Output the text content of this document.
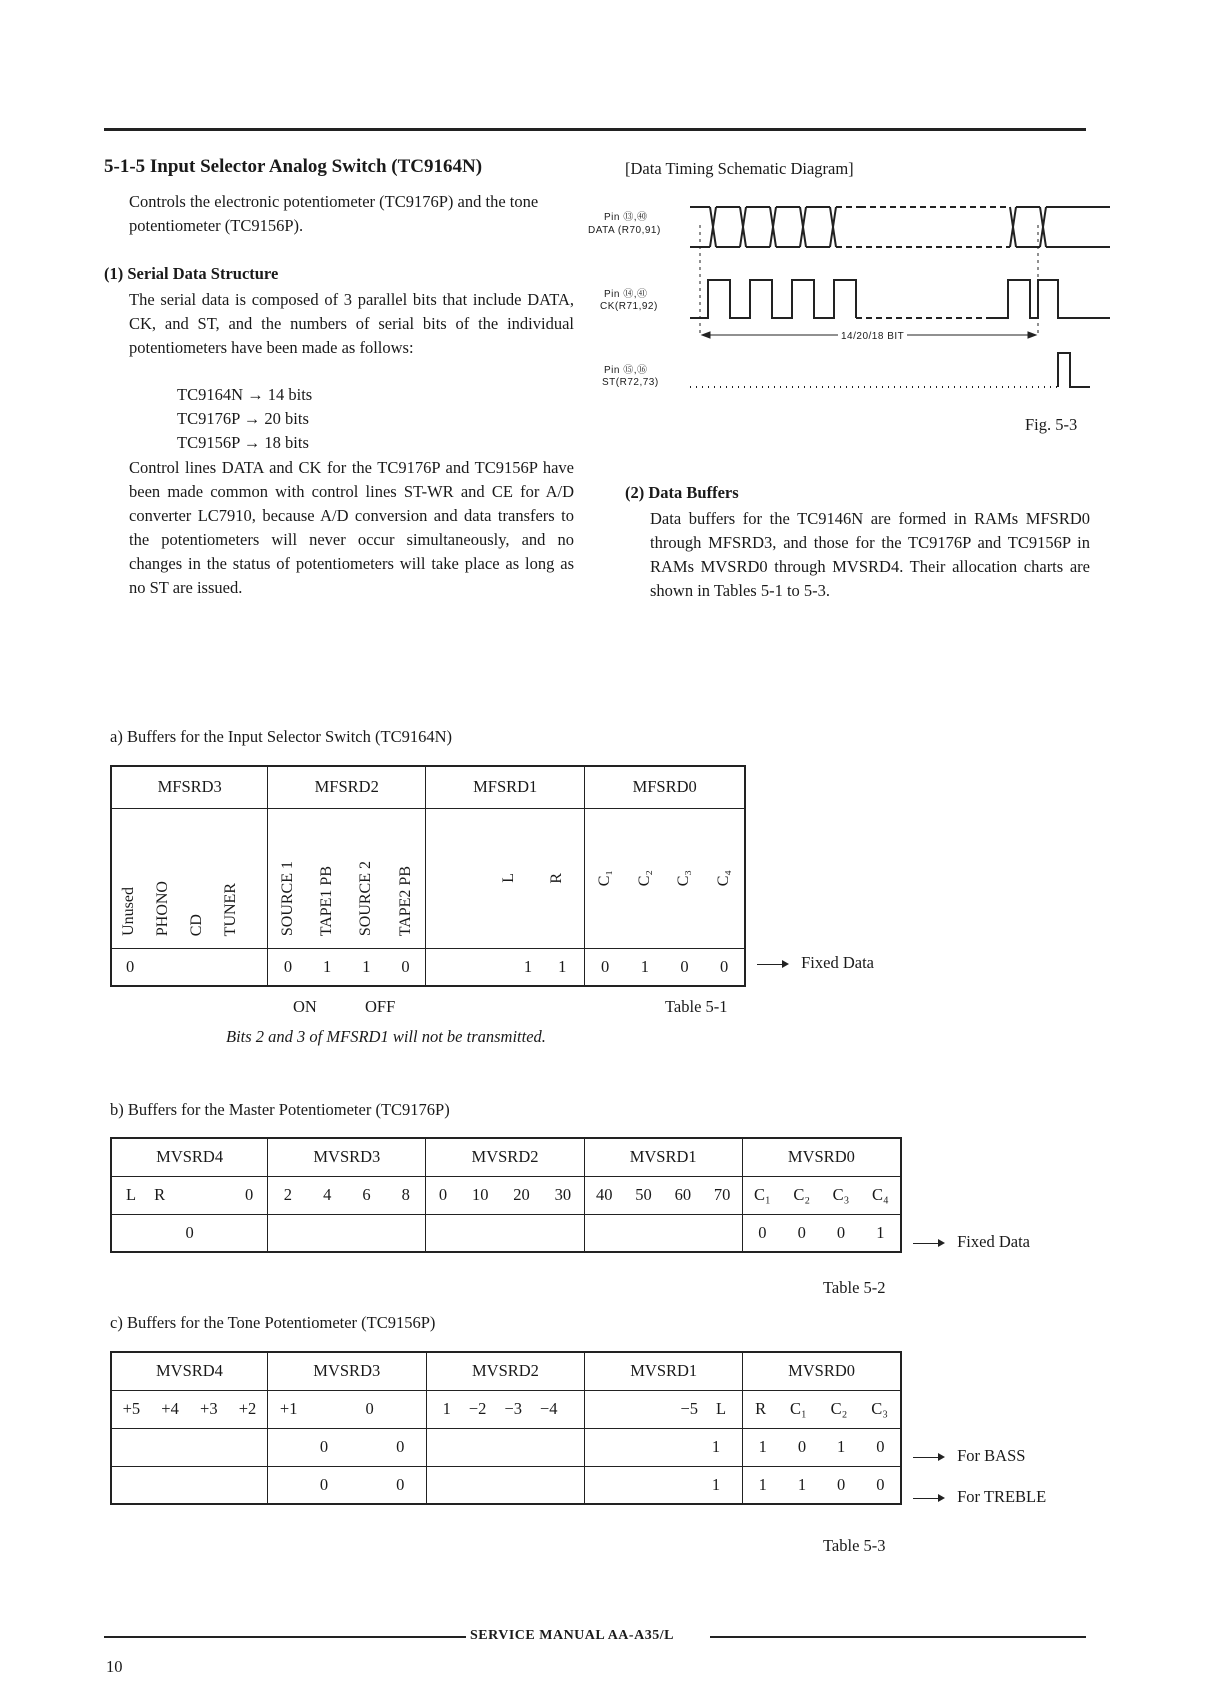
5-1-5 Input Selector Analog Switch (TC9164N)
Controls the electronic potentiometer (TC9176P) and the tone potentiometer (TC9156P).
(1) Serial Data Structure
The serial data is composed of 3 parallel bits that include DATA, CK, and ST, and the numbers of serial bits of the individual potentiometers have been made as follows:
TC9164N → 14 bits
TC9176P → 20 bits
TC9156P → 18 bits
Control lines DATA and CK for the TC9176P and TC9156P have been made common with control lines ST-WR and CE for A/D converter LC7910, because A/D conversion and data transfers to the potentiometers will never occur simultaneously, and no changes in the status of potentiometers will take place as long as no ST are issued.
[Data Timing Schematic Diagram]
Pin ⑬,㊵
DATA (R70,91)
Pin ⑭,㊶
CK(R71,92)
Pin ⑮,⑯
ST(R72,73)
14/20/18 BIT
Fig. 5-3
(2) Data Buffers
Data buffers for the TC9146N are formed in RAMs MFSRD0 through MFSRD3, and those for the TC9176P and TC9156P in RAMs MVSRD0 through MVSRD4. Their allocation charts are shown in Tables 5-1 to 5-3.
a) Buffers for the Input Selector Switch (TC9164N)
MFSRD3	MFSRD2	MFSRD1	MFSRD0

Unused PHONO CD TUNER	SOURCE 1 TAPE1 PB SOURCE 2 TAPE2 PB	L R	C₁ C₂ C₃ C₄

0	0 1 1 0	1 1	0 1 0 0	Fixed Data
ON	OFF	Table 5-1
Bits 2 and 3 of MFSRD1 will not be transmitted.
b) Buffers for the Master Potentiometer (TC9176P)
MVSRD4	MVSRD3	MVSRD2	MVSRD1	MVSRD0

L R 0	2 4 6 8	0 10 20 30	40 50 60 70	C₁ C₂ C₃ C₄

0				0 0 0 1	Fixed Data
Table 5-2
c) Buffers for the Tone Potentiometer (TC9156P)
MVSRD4	MVSRD3	MVSRD2	MVSRD1	MVSRD0

+5 +4 +3 +2	+1 0	1 −2 −3 −4	−5 L	R C₁ C₂ C₃

	0 0		1	1 0 1 0

	0 0		1	1 1 0 0
For BASS
For TREBLE
Table 5-3
SERVICE MANUAL AA-A35/L
10
